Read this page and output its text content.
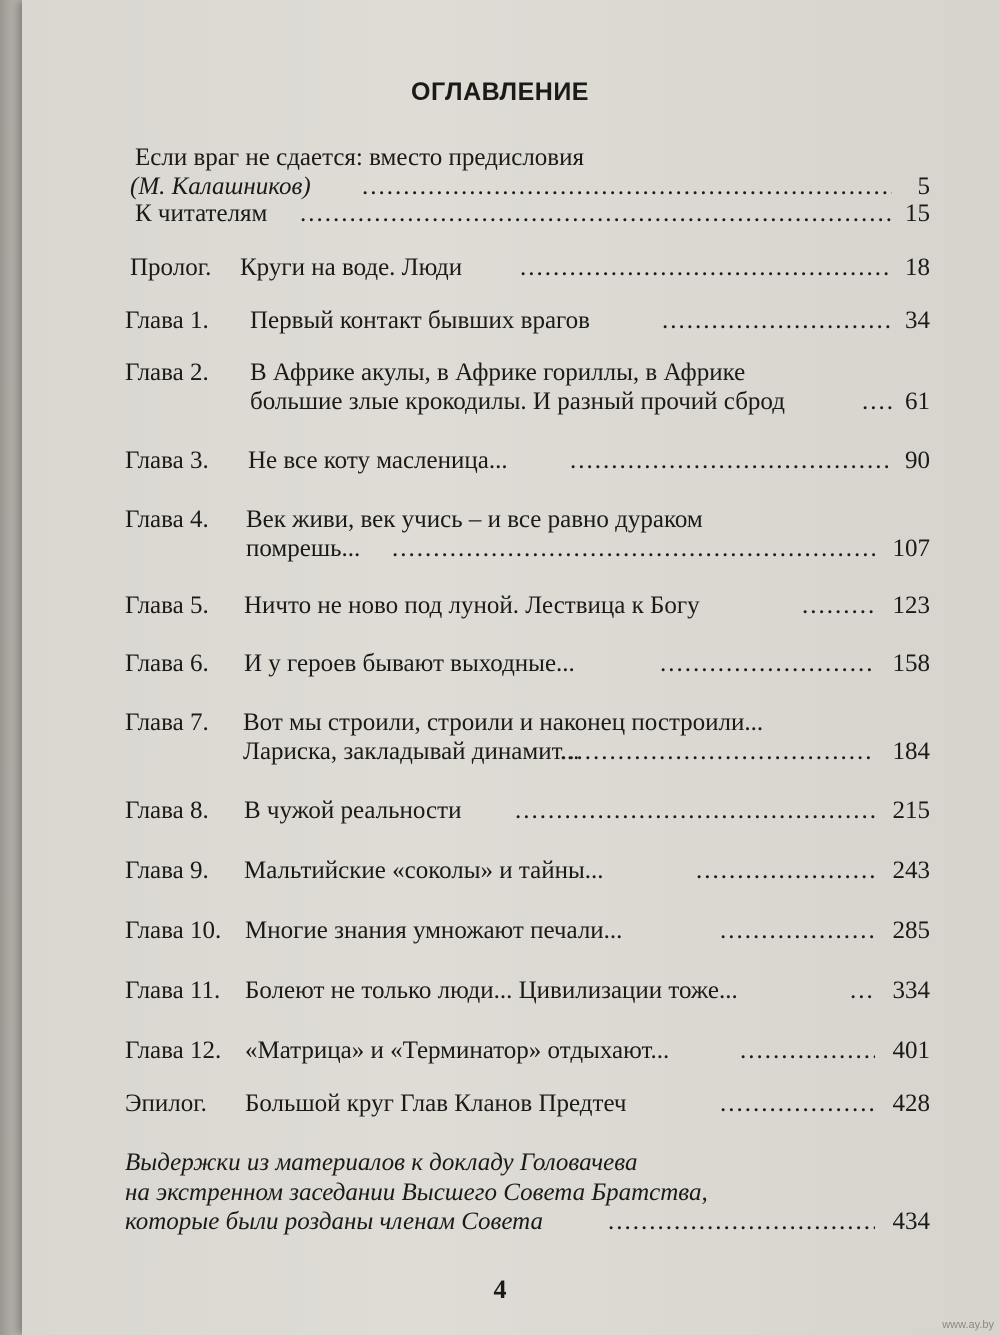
ОГЛАВЛЕНИЕ
Если враг не сдается: вместо предисловия
(М. Калашников) .....	5
К читателям .....	15
Пролог. Круги на воде. Люди .....	18
Глава 1. Первый контакт бывших врагов .....	34
Глава 2. В Африке акулы, в Африке гориллы, в Африке
большие злые крокодилы. И разный прочий сброд .....	61
Глава 3. Не все коту масленица... .....	90
Глава 4. Век живи, век учись – и все равно дураком
помрешь... .....	107
Глава 5. Ничто не ново под луной. Лествица к Богу .....	123
Глава 6. И у героев бывают выходные... .....	158
Глава 7. Вот мы строили, строили и наконец построили...
Лариска, закладывай динамит... .....	184
Глава 8. В чужой реальности .....	215
Глава 9. Мальтийские «соколы» и тайны... .....	243
Глава 10. Многие знания умножают печали... .....	285
Глава 11. Болеют не только люди... Цивилизации тоже... .....	334
Глава 12. «Матрица» и «Терминатор» отдыхают... .....	401
Эпилог. Большой круг Глав Кланов Предтеч .....	428
Выдержки из материалов к докладу Головачева
на экстренном заседании Высшего Совета Братства,
которые были розданы членам Совета .....	434
4
www.ay.by
